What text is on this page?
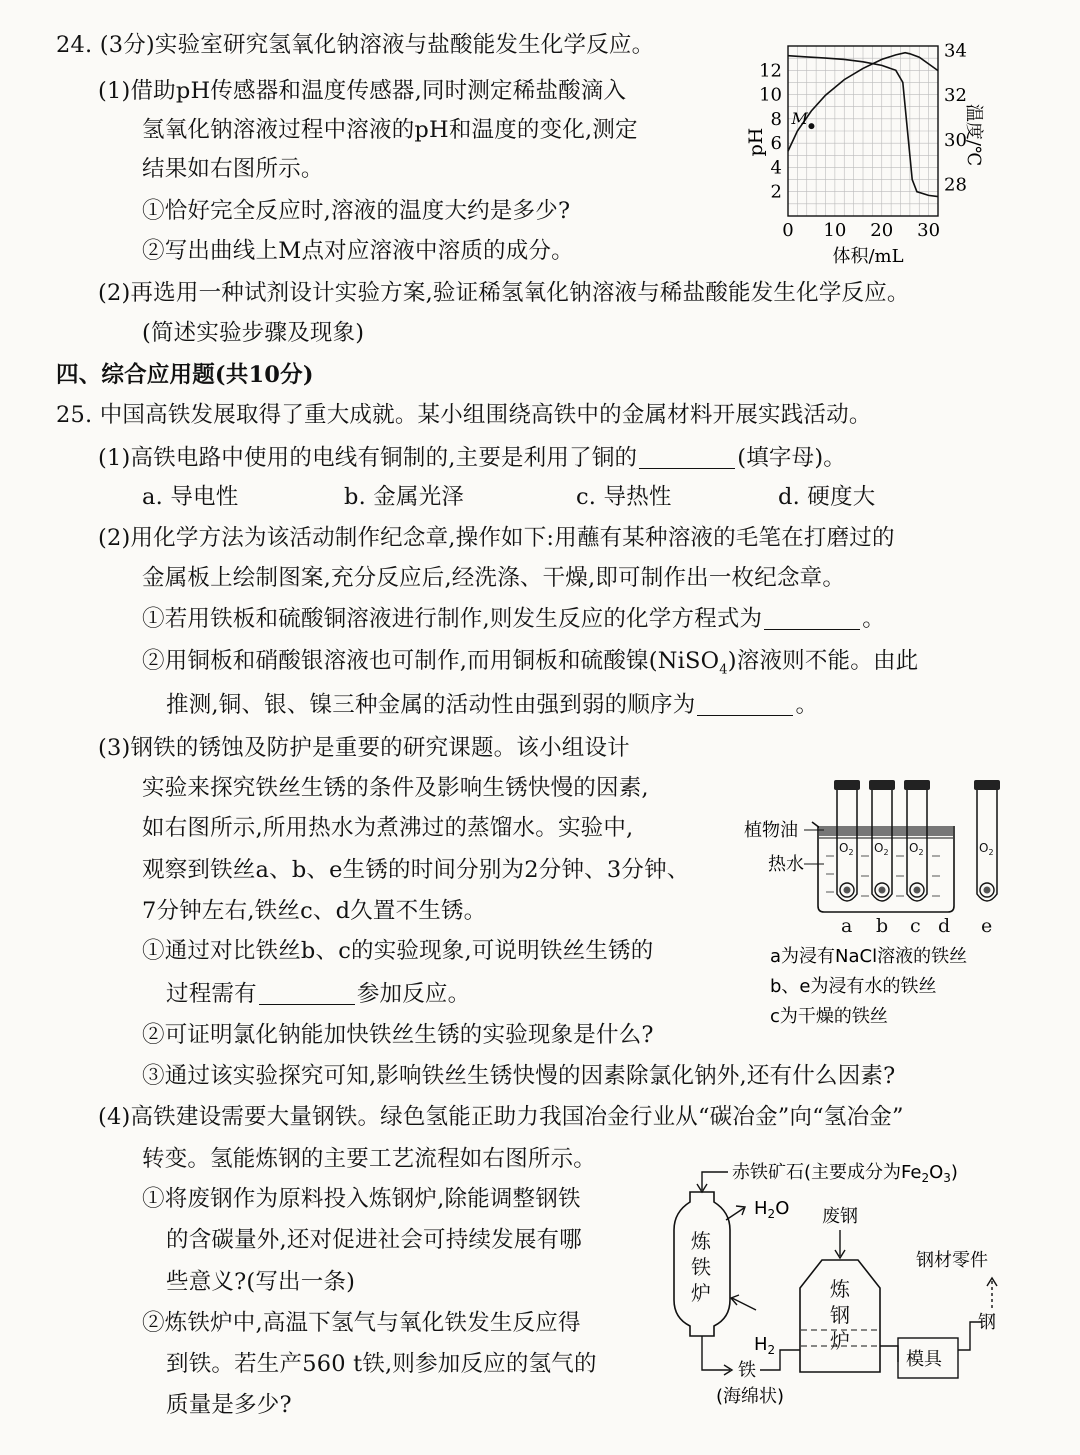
24. (3分)实验室研究氢氧化钠溶液与盐酸能发生化学反应。
(1)借助pH传感器和温度传感器,同时测定稀盐酸滴入
氢氧化钠溶液过程中溶液的pH和温度的变化,测定
结果如右图所示。
①恰好完全反应时,溶液的温度大约是多少?
②写出曲线上M点对应溶液中溶质的成分。
(2)再选用一种试剂设计实验方案,验证稀氢氧化钠溶液与稀盐酸能发生化学反应。
(简述实验步骤及现象)
0 10 20 30
2
4
6
8
10
12
28
30
32
34
M
pH	温度/℃
体积/mL
四、综合应用题(共10分)
25. 中国高铁发展取得了重大成就。某小组围绕高铁中的金属材料开展实践活动。
(1)高铁电路中使用的电线有铜制的,主要是利用了铜的	(填字母)。
a. 导电性	b. 金属光泽	c. 导热性	d. 硬度大
(2)用化学方法为该活动制作纪念章,操作如下:用蘸有某种溶液的毛笔在打磨过的
金属板上绘制图案,充分反应后,经洗涤、干燥,即可制作出一枚纪念章。
①若用铁板和硫酸铜溶液进行制作,则发生反应的化学方程式为	。
②用铜板和硝酸银溶液也可制作,而用铜板和硫酸镍(NiSO$_4$)溶液则不能。由此
推测,铜、银、镍三种金属的活动性由强到弱的顺序为	。
(3)钢铁的锈蚀及防护是重要的研究课题。该小组设计
实验来探究铁丝生锈的条件及影响生锈快慢的因素,
如右图所示,所用热水为煮沸过的蒸馏水。实验中,
观察到铁丝a、b、e生锈的时间分别为2分钟、3分钟、
7分钟左右,铁丝c、d久置不生锈。
①通过对比铁丝b、c的实验现象,可说明铁丝生锈的
过程需有	参加反应。
②可证明氯化钠能加快铁丝生锈的实验现象是什么?
③通过该实验探究可知,影响铁丝生锈快慢的因素除氯化钠外,还有什么因素?
(4)高铁建设需要大量钢铁。绿色氢能正助力我国冶金行业从“碳冶金”向“氢冶金”
转变。氢能炼钢的主要工艺流程如右图所示。
①将废钢作为原料投入炼钢炉,除能调整钢铁
的含碳量外,还对促进社会可持续发展有哪
些意义?(写出一条)
②炼铁炉中,高温下氢气与氧化铁发生反应得
到铁。若生产560 t铁,则参加反应的氢气的
质量是多少?
$O_2$ $O_2$ $O_2$	$O_2$
植物油
热水
a b c d e
a为浸有NaCl溶液的铁丝
b、e为浸有水的铁丝
c为干燥的铁丝
赤铁矿石(主要成分为$Fe_2O_3$)
炼
铁
炉
$H_2O$
$H_2$
铁
(海绵状)
废钢
炼
钢
炉
模具
钢
钢材零件
